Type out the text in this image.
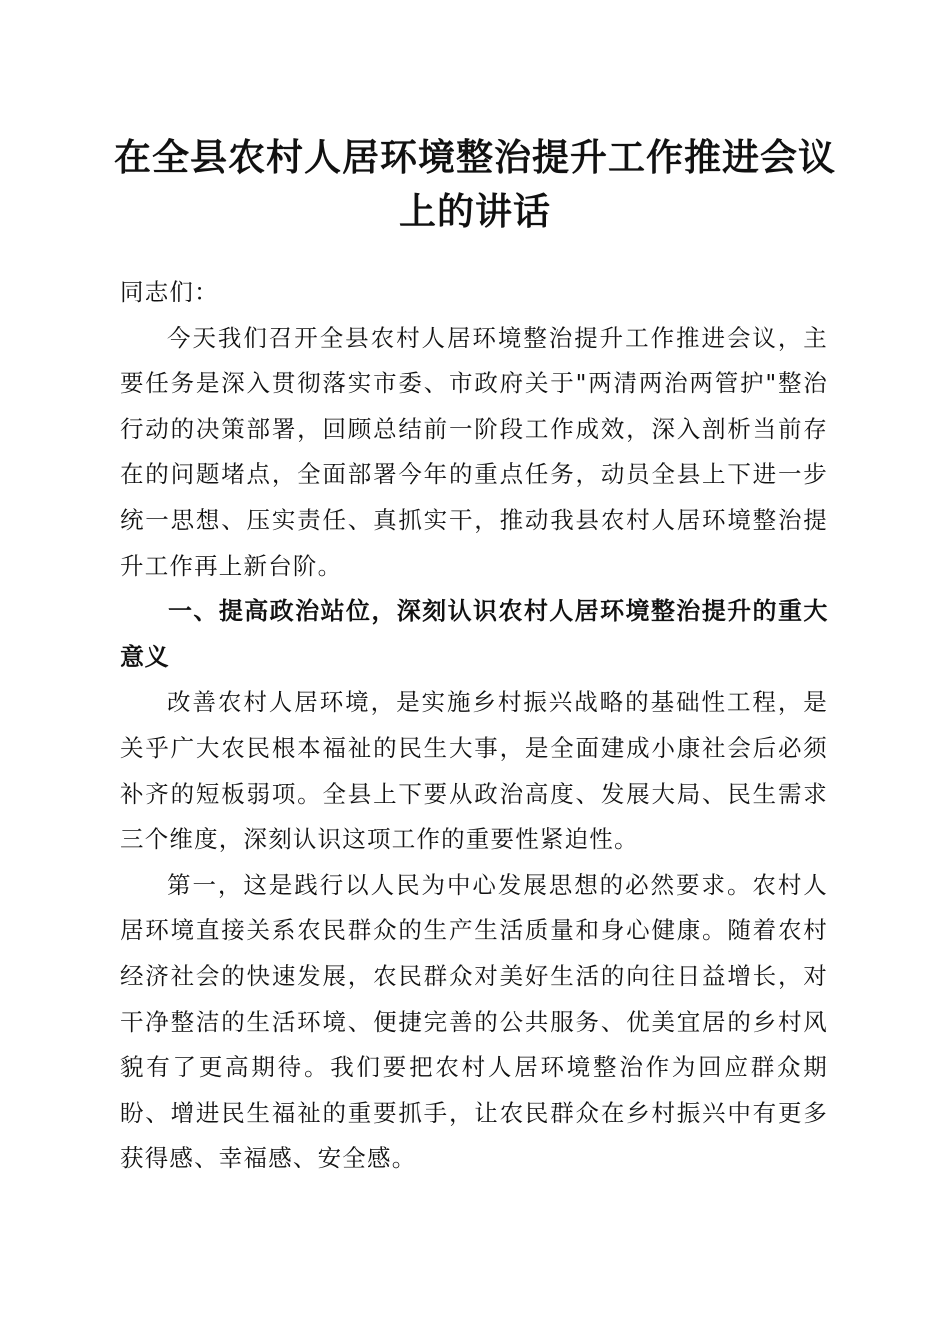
在全县农村人居环境整治提升工作推进会议上的讲话

同志们：

今天我们召开全县农村人居环境整治提升工作推进会议，主要任务是深入贯彻落实市委、市政府关于"两清两治两管护"整治行动的决策部署，回顾总结前一阶段工作成效，深入剖析当前存在的问题堵点，全面部署今年的重点任务，动员全县上下进一步统一思想、压实责任、真抓实干，推动我县农村人居环境整治提升工作再上新台阶。

一、提高政治站位，深刻认识农村人居环境整治提升的重大意义

改善农村人居环境，是实施乡村振兴战略的基础性工程，是关乎广大农民根本福祉的民生大事，是全面建成小康社会后必须补齐的短板弱项。全县上下要从政治高度、发展大局、民生需求三个维度，深刻认识这项工作的重要性紧迫性。

第一，这是践行以人民为中心发展思想的必然要求。农村人居环境直接关系农民群众的生产生活质量和身心健康。随着农村经济社会的快速发展，农民群众对美好生活的向往日益增长，对干净整洁的生活环境、便捷完善的公共服务、优美宜居的乡村风貌有了更高期待。我们要把农村人居环境整治作为回应群众期盼、增进民生福祉的重要抓手，让农民群众在乡村振兴中有更多获得感、幸福感、安全感。
